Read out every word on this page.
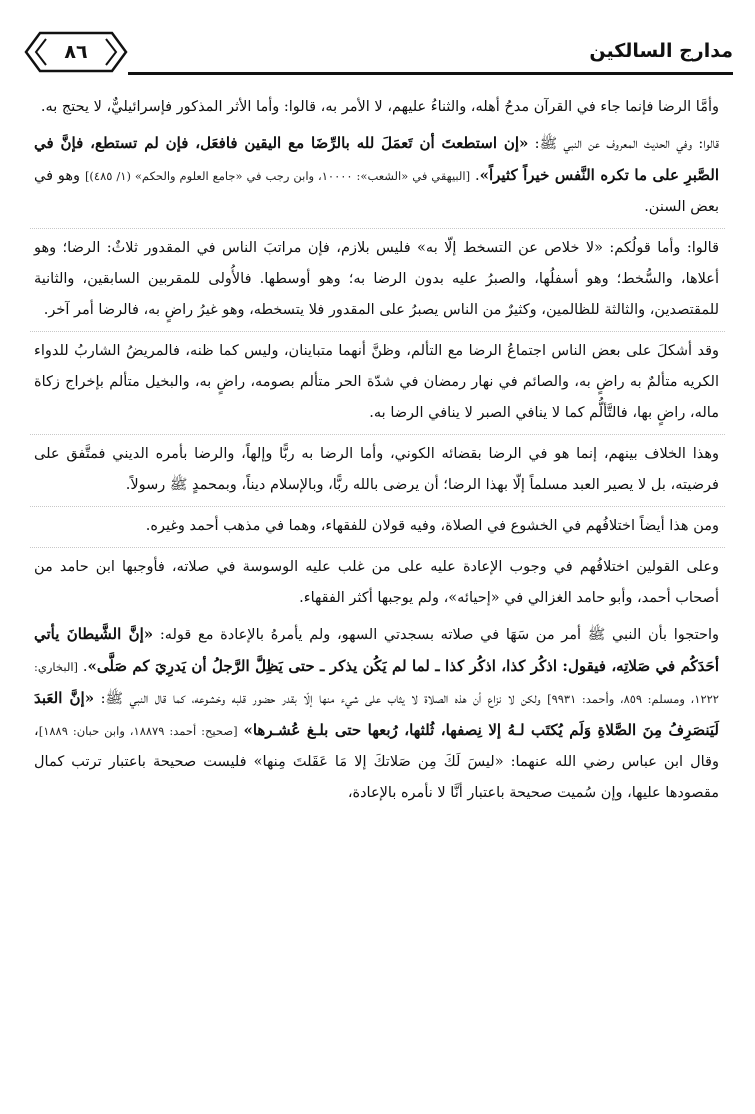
مدارج السالكين
٨٦

وأمَّا الرضا فإنما جاء في القرآن مدحُ أهله، والثناءُ عليهم، لا الأمر به، قالوا: وأما الأثر المذكور فإسرائيليٌّ، لا يحتج به.

قالوا: وفي الحديث المعروف عن النبي ﷺ: «إن استطعتَ أن تَعمَلَ لله بالرِّضَا مع اليقين فافعَل، فإن لم تستطع، فإنَّ في الصَّبرِ على ما تكره النَّفس خيراً كثيراً». [البيهقي في «الشعب»: ١٠٠٠٠، وابن رجب في «جامع العلوم والحكم» (١/ ٤٨٥)] وهو في بعض السنن.

قالوا: وأما قولُكم: «لا خلاص عن التسخط إلّا به» فليس بلازم، فإن مراتبَ الناس في المقدور ثلاثٌ: الرضا؛ وهو أعلاها، والسُّخط؛ وهو أسفلُها، والصبرُ عليه بدون الرضا به؛ وهو أوسطها. فالأُولى للمقربين السابقين، والثانية للمقتصدين، والثالثة للظالمين، وكثيرٌ من الناس يصبرُ على المقدور فلا يتسخطه، وهو غيرُ راضٍ به، فالرضا أمر آخر.

وقد أشكلَ على بعض الناس اجتماعُ الرضا مع التألم، وظنَّ أنهما متباينان، وليس كما ظنه، فالمريضُ الشاربُ للدواء الكريه متألمٌ به راضٍ به، والصائم في نهار رمضان في شدّة الحر متألم بصومه، راضٍ به، والبخيل متألم بإخراج زكاة ماله، راضٍ بها، فالتَّألُّم كما لا ينافي الصبر لا ينافي الرضا به.

وهذا الخلاف بينهم، إنما هو في الرضا بقضائه الكوني، وأما الرضا به ربًّا وإلهاً، والرضا بأمره الديني فمتَّفق على فرضيته، بل لا يصير العبد مسلماً إلّا بهذا الرضا؛ أن يرضى بالله ربًّا، وبالإسلام ديناً، وبمحمدٍ ﷺ رسولاً.

ومن هذا أيضاً اختلافُهم في الخشوع في الصلاة، وفيه قولان للفقهاء، وهما في مذهب أحمد وغيره.

وعلى القولين اختلافُهم في وجوب الإعادة عليه على من غلب عليه الوسوسة في صلاته، فأوجبها ابن حامد من أصحاب أحمد، وأبو حامد الغزالي في «إحيائه»، ولم يوجبها أكثر الفقهاء.

واحتجوا بأن النبي ﷺ أمر من سَهَا في صلاته بسجدتي السهو، ولم يأمرهُ بالإعادة مع قوله: «إنَّ الشَّيطانَ يأتي أحَدَكُم في صَلاتِه، فيقول: اذكُر كذا، اذكُر كذا ـ لما لم يَكُن يذكر ـ حتى يَظِلَّ الرَّجلُ أن يَدرِيَ كم صَلَّى». [البخاري: ١٢٢٢، ومسلم: ٨٥٩، وأحمد: ٩٩٣١] ولكن لا نزاع أن هذه الصلاة لا يثاب على شيء منها إلّا بقدر حضور قلبه وخشوعه، كما قال النبي ﷺ: «إنَّ العَبدَ لَيَنصَرِفُ مِنَ الصَّلاةِ وَلَم يُكتَب لـهُ إلا نِصفها، ثُلثها، رُبعها حتى بلـغ عُشـرها» [صحيح: أحمد: ١٨٨٧٩، وابن حبان: ١٨٨٩]، وقال ابن عباس رضي الله عنهما: «ليسَ لَكَ مِن صَلاتكَ إلا مَا عَقَلتَ مِنها» فليست صحيحة باعتبار ترتب كمال مقصودها عليها، وإن سُميت صحيحة باعتبار أنَّا لا نأمره بالإعادة،
